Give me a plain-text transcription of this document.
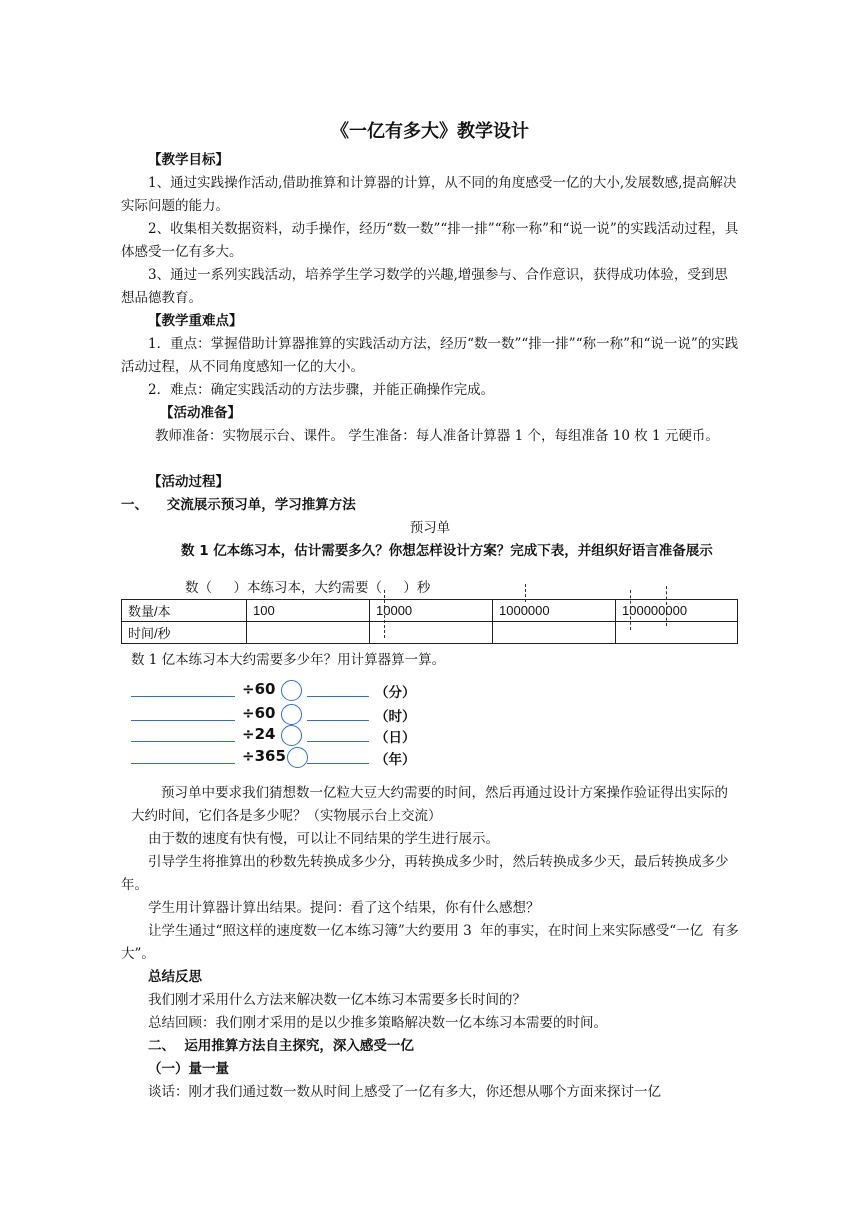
《一亿有多大》教学设计
【教学目标】
1、通过实践操作活动,借助推算和计算器的计算，从不同的角度感受一亿的大小,发展数感,提高解决实际问题的能力。
2、收集相关数据资料，动手操作，经历“数一数”“排一排”“称一称”和“说一说”的实践活动过程，具体感受一亿有多大。
3、通过一系列实践活动，培养学生学习数学的兴趣,增强参与、合作意识，获得成功体验，受到思想品德教育。
【教学重难点】
1．重点：掌握借助计算器推算的实践活动方法，经历“数一数”“排一排”“称一称”和“说一说”的实践活动过程，从不同角度感知一亿的大小。
2．难点：确定实践活动的方法步骤，并能正确操作完成。
【活动准备】
教师准备：实物展示台、课件。 学生准备：每人准备计算器 1 个，每组准备 10 枚 1 元硬币。
【活动过程】
一、    交流展示预习单，学习推算方法
预习单
数 1 亿本练习本，估计需要多久？你想怎样设计方案？完成下表，并组织好语言准备展示
数（     ）本练习本，大约需要（     ）秒
数量/本	100	10000	1000000	100000000
时间/秒				
数 1 亿本练习本大约需要多少年？用计算器算一算。
÷60	（分）
÷60	（时）
÷24	（日）
÷365	（年）
预习单中要求我们猜想数一亿粒大豆大约需要的时间，然后再通过设计方案操作验证得出实际的大约时间，它们各是多少呢？（实物展示台上交流）
由于数的速度有快有慢，可以让不同结果的学生进行展示。
引导学生将推算出的秒数先转换成多少分，再转换成多少时，然后转换成多少天，最后转换成多少年。
学生用计算器计算出结果。提问：看了这个结果，你有什么感想？
让学生通过“照这样的速度数一亿本练习簿”大约要用 3  年的事实，在时间上来实际感受“一亿  有多大”。
总结反思
我们刚才采用什么方法来解决数一亿本练习本需要多长时间的？
总结回顾：我们刚才采用的是以少推多策略解决数一亿本练习本需要的时间。
二、  运用推算方法自主探究，深入感受一亿
（一）量一量
谈话：刚才我们通过数一数从时间上感受了一亿有多大，你还想从哪个方面来探讨一亿
